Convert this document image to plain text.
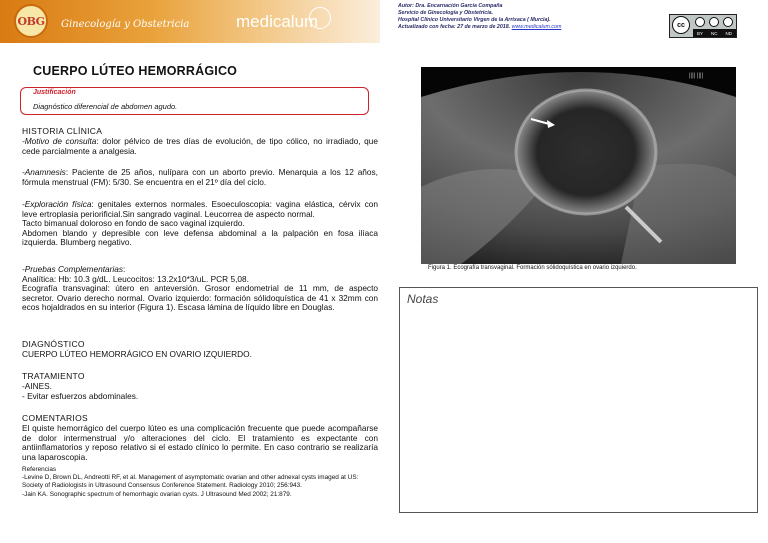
OBG Ginecología y Obstetricia	medicalum
Autor: Dra. Encarnación García Compaña
Servicio de Ginecología y Obstetricia.
Hospital Clínico Universitario Virgen de la Arrixaca ( Murcia).
Actualizado con fecha: 27 de marzo de 2018. www.medicalum.com	cc
BY NC ND
CUERPO LÚTEO HEMORRÁGICO
Justificación
Diagnóstico diferencial de abdomen agudo.
HISTORIA CLÍNICA
-Motivo de consulta: dolor pélvico de tres días de evolución, de tipo cólico, no irradiado, que cede parcialmente a analgesia.
-Anamnesis: Paciente de 25 años, nulípara con un aborto previo. Menarquia a los 12 años, fórmula menstrual (FM): 5/30. Se encuentra en el 21º día del ciclo.
-Exploración física: genitales externos normales. Esoeculoscopia: vagina elástica, cérvix con leve ertroplasia periorificial.Sin sangrado vaginal. Leucorrea de aspecto normal.
Tacto bimanual doloroso en fondo de saco vaginal izquierdo.
Abdomen blando y depresible con leve defensa abdominal a la palpación en fosa ilíaca izquierda. Blumberg negativo.
-Pruebas Complementarias:
Analítica: Hb: 10.3 g/dL. Leucocitos: 13.2x10*3/uL. PCR 5,08.
Ecografía transvaginal: útero en anteversión. Grosor endometrial de 11 mm, de aspecto secretor. Ovario derecho normal. Ovario izquierdo: formación sólidoquística de 41 x 32mm con ecos hojaldrados en su interior (Figura 1). Escasa lámina de líquido libre en Douglas.
DIAGNÓSTICO
CUERPO LÚTEO HEMORRÁGICO EN OVARIO IZQUIERDO.
TRATAMIENTO
-AINES.
- Evitar esfuerzos abdominales.
COMENTARIOS
El quiste hemorrágico del cuerpo lúteo es una complicación frecuente que puede acompañarse de dolor intermenstrual y/o alteraciones del ciclo. El tratamiento es expectante con antiinflamatorios y reposo relativo si el estado clínico lo permite. En caso contrario se realizaría una laparoscopia.
Referencias
-Levine D, Brown DL, Andreotti RF, et al. Management of asymptomatic ovarian and other adnexal cysts imaged at US: Society of Radiologists in Ultrasound Consensus Conference Statement. Radiology 2010; 256:943.
-Jain KA. Sonographic spectrum of hemorrhagic ovarian cysts. J Ultrasound Med 2002; 21:879.
|||| ||||
Figura 1. Ecografía transvaginal. Formación sólidoquística en ovario izquierdo.
Notas
